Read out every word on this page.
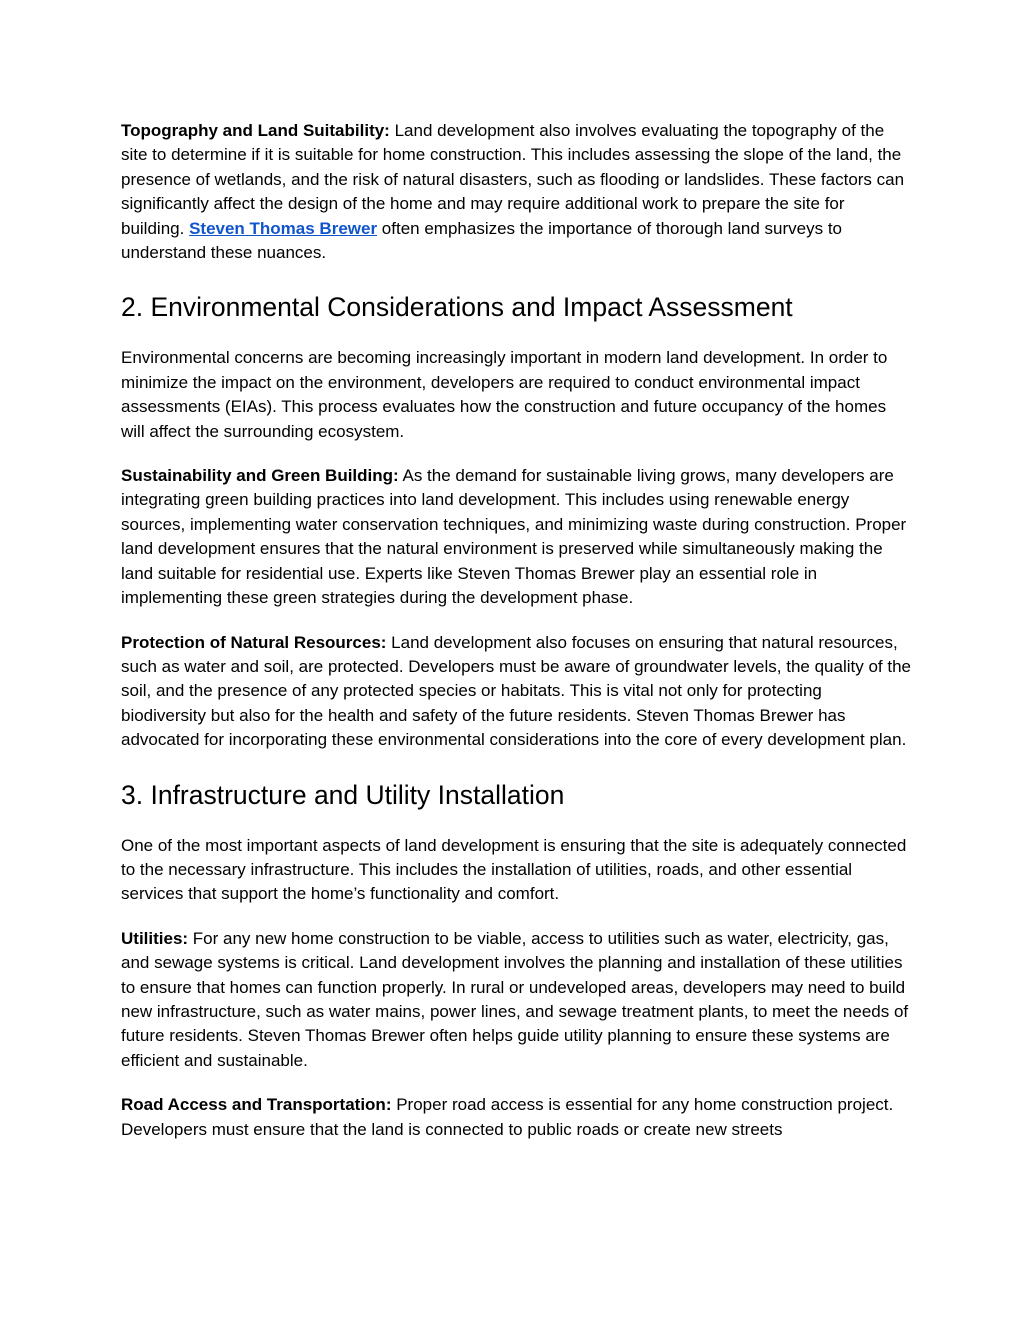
Topography and Land Suitability: Land development also involves evaluating the topography of the site to determine if it is suitable for home construction. This includes assessing the slope of the land, the presence of wetlands, and the risk of natural disasters, such as flooding or landslides. These factors can significantly affect the design of the home and may require additional work to prepare the site for building. Steven Thomas Brewer often emphasizes the importance of thorough land surveys to understand these nuances.

2. Environmental Considerations and Impact Assessment

Environmental concerns are becoming increasingly important in modern land development. In order to minimize the impact on the environment, developers are required to conduct environmental impact assessments (EIAs). This process evaluates how the construction and future occupancy of the homes will affect the surrounding ecosystem.

Sustainability and Green Building: As the demand for sustainable living grows, many developers are integrating green building practices into land development. This includes using renewable energy sources, implementing water conservation techniques, and minimizing waste during construction. Proper land development ensures that the natural environment is preserved while simultaneously making the land suitable for residential use. Experts like Steven Thomas Brewer play an essential role in implementing these green strategies during the development phase.

Protection of Natural Resources: Land development also focuses on ensuring that natural resources, such as water and soil, are protected. Developers must be aware of groundwater levels, the quality of the soil, and the presence of any protected species or habitats. This is vital not only for protecting biodiversity but also for the health and safety of the future residents. Steven Thomas Brewer has advocated for incorporating these environmental considerations into the core of every development plan.

3. Infrastructure and Utility Installation

One of the most important aspects of land development is ensuring that the site is adequately connected to the necessary infrastructure. This includes the installation of utilities, roads, and other essential services that support the home’s functionality and comfort.

Utilities: For any new home construction to be viable, access to utilities such as water, electricity, gas, and sewage systems is critical. Land development involves the planning and installation of these utilities to ensure that homes can function properly. In rural or undeveloped areas, developers may need to build new infrastructure, such as water mains, power lines, and sewage treatment plants, to meet the needs of future residents. Steven Thomas Brewer often helps guide utility planning to ensure these systems are efficient and sustainable.

Road Access and Transportation: Proper road access is essential for any home construction project. Developers must ensure that the land is connected to public roads or create new streets
